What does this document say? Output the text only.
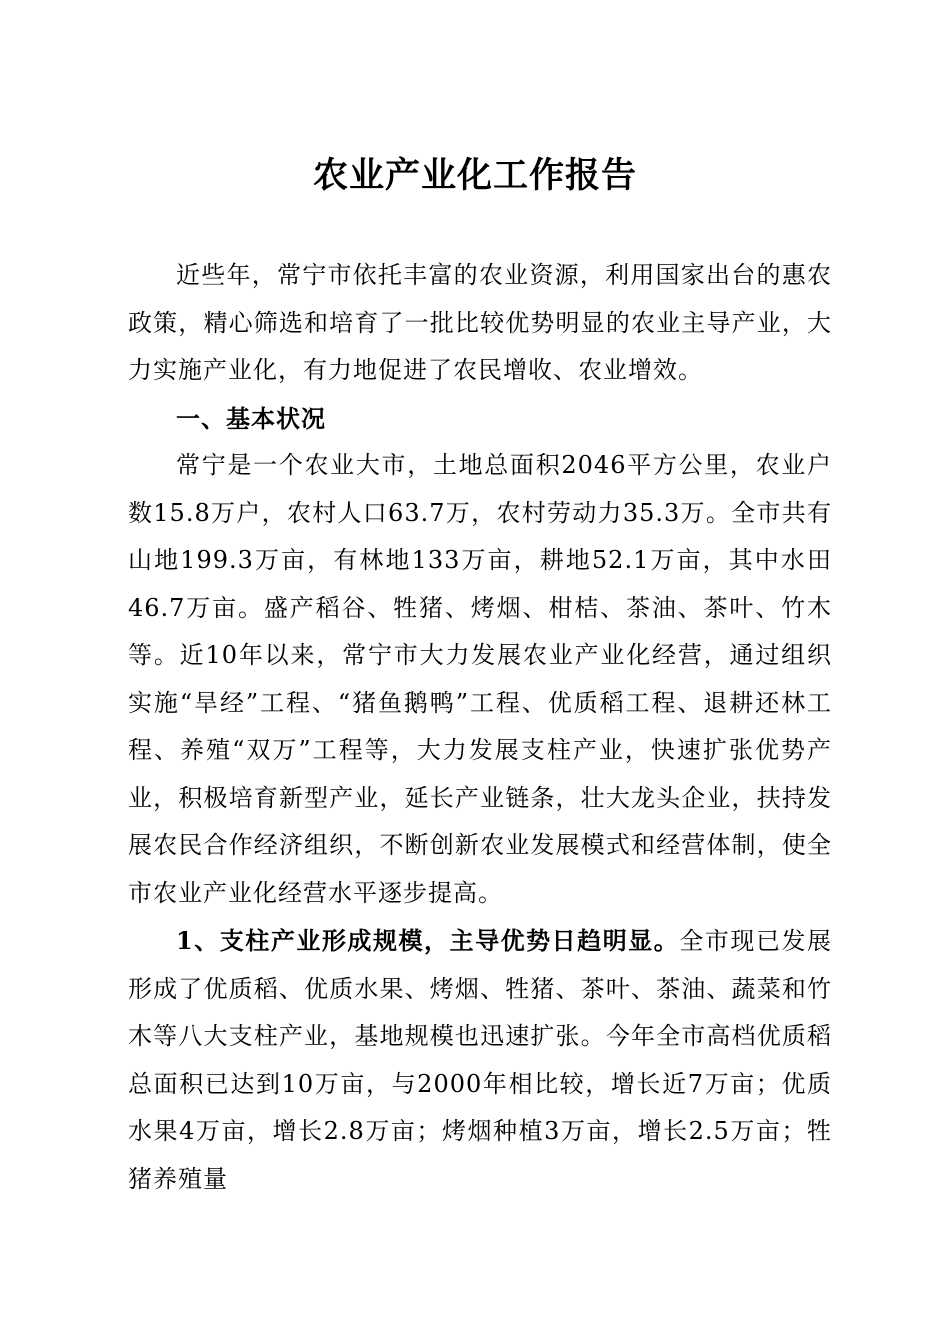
农业产业化工作报告

近些年，常宁市依托丰富的农业资源，利用国家出台的惠农政策，精心筛选和培育了一批比较优势明显的农业主导产业，大力实施产业化，有力地促进了农民增收、农业增效。

一、基本状况

常宁是一个农业大市，土地总面积2046平方公里，农业户数15.8万户，农村人口63.7万，农村劳动力35.3万。全市共有山地199.3万亩，有林地133万亩，耕地52.1万亩，其中水田46.7万亩。盛产稻谷、牲猪、烤烟、柑桔、茶油、茶叶、竹木等。近10年以来，常宁市大力发展农业产业化经营，通过组织实施“旱经”工程、“猪鱼鹅鸭”工程、优质稻工程、退耕还林工程、养殖“双万”工程等，大力发展支柱产业，快速扩张优势产业，积极培育新型产业，延长产业链条，壮大龙头企业，扶持发展农民合作经济组织，不断创新农业发展模式和经营体制，使全市农业产业化经营水平逐步提高。

1、支柱产业形成规模，主导优势日趋明显。全市现已发展形成了优质稻、优质水果、烤烟、牲猪、茶叶、茶油、蔬菜和竹木等八大支柱产业，基地规模也迅速扩张。今年全市高档优质稻总面积已达到10万亩，与2000年相比较，增长近7万亩；优质水果4万亩，增长2.8万亩；烤烟种植3万亩，增长2.5万亩；牲猪养殖量
